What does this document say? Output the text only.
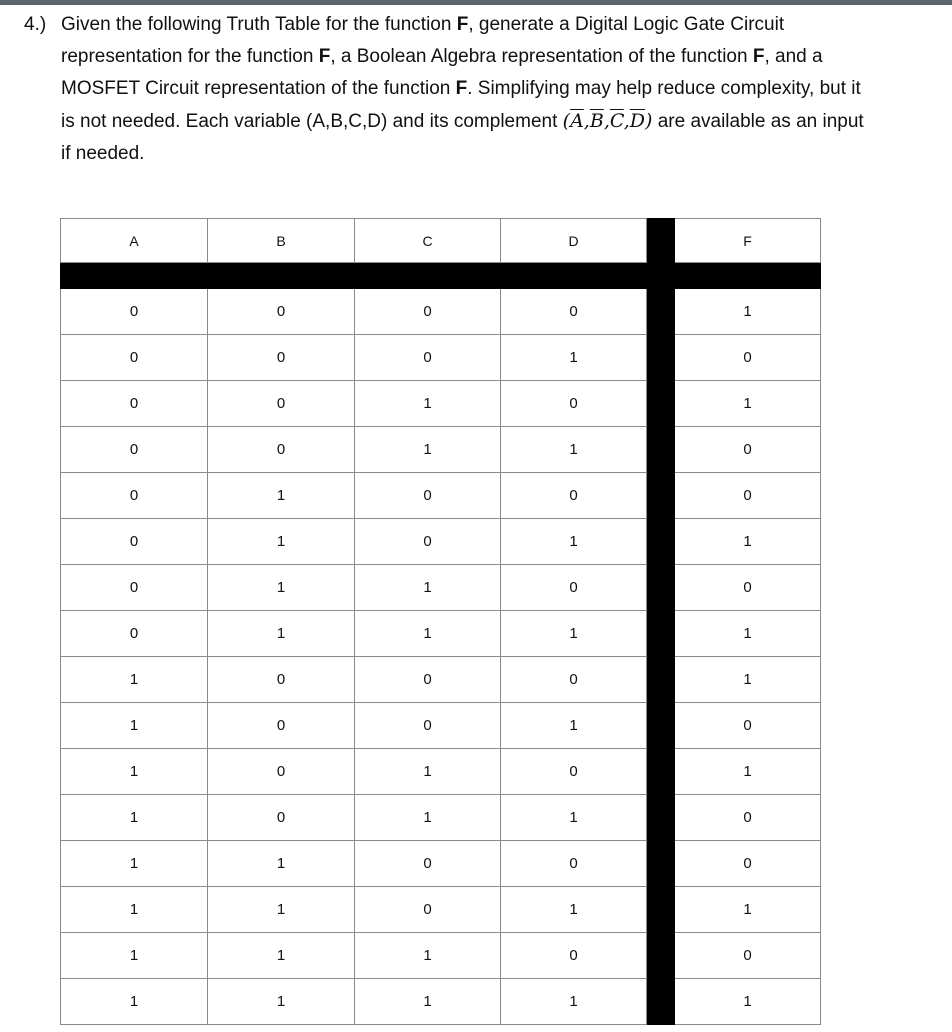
4.) Given the following Truth Table for the function F, generate a Digital Logic Gate Circuit
representation for the function F, a Boolean Algebra representation of the function F, and a
MOSFET Circuit representation of the function F. Simplifying may help reduce complexity, but it
is not needed. Each variable (A,B,C,D) and its complement $(\overline{A},\overline{B},\overline{C},\overline{D})$ are available as an input
if needed.
A	B	C	D		F

0	0	0	0		1
0	0	0	1		0
0	0	1	0		1
0	0	1	1		0
0	1	0	0		0
0	1	0	1		1
0	1	1	0		0
0	1	1	1		1
1	0	0	0		1
1	0	0	1		0
1	0	1	0		1
1	0	1	1		0
1	1	0	0		0
1	1	0	1		1
1	1	1	0		0
1	1	1	1		1
